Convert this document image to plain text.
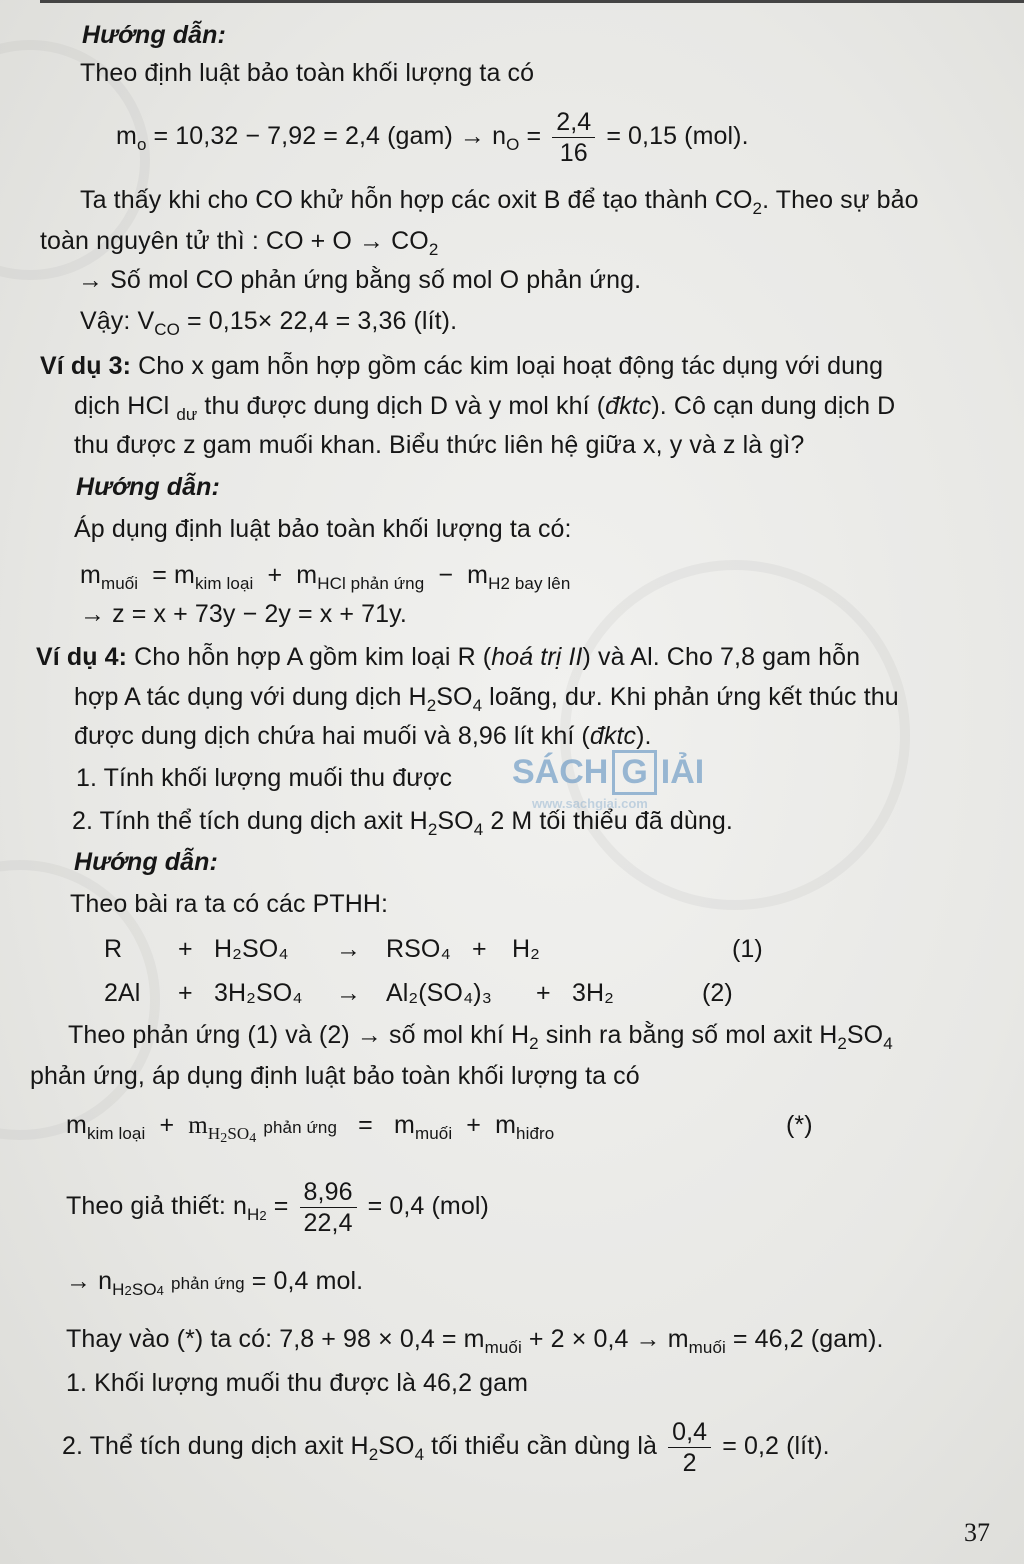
Hướng dẫn:
Theo định luật bảo toàn khối lượng ta có
$m_o = 10,32 - 7,92 = 2,4$ $(gam) \to n_O = \frac{2,4}{16} = 0,15$ (mol).
Ta thấy khi cho CO khử hỗn hợp các oxit B để tạo thành $CO_2$. Theo sự bảo
toàn nguyên tử thì : CO + $O \to CO_2$
→ Số mol CO phản ứng bằng số mol O phản ứng.
Vậy: $V_{CO} = 0,15\times 22,4 = 3,36$ (lít).
Ví dụ 3: Cho x gam hỗn hợp gồm các kim loại hoạt động tác dụng với dung
dịch HCl $_{dư}$ thu được dung dịch D và y mol khí (đktc). Cô cạn dung dịch D
thu được z gam muối khan. Biểu thức liên hệ giữa x, y và z là gì?
Hướng dẫn:
Áp dụng định luật bảo toàn khối lượng ta có:
$m_{muối} = m_{kim loại} + m_{HCl phản ứng} - m_{H2 bay lên}$
→ z = x + 73y − 2y = x + 71y.
Ví dụ 4: Cho hỗn hợp A gồm kim loại R (hoá trị II) và Al. Cho 7,8 gam hỗn
hợp A tác dụng với dung dịch $H_2SO_4$ loãng, dư. Khi phản ứng kết thúc thu
được dung dịch chứa hai muối và 8,96 lít khí (đktc).
SÁCH G IẢI
www.sachgiai.com
1. Tính khối lượng muối thu được
2. Tính thể tích dung dịch axit $H_2SO_4$ 2 M tối thiểu đã dùng.
Hướng dẫn:
Theo bài ra ta có các PTHH:
R + H₂SO₄ → RSO₄ + H₂	(1)
2Al + 3H₂SO₄ → Al₂(SO₄)₃ + 3H₂	(2)
Theo phản ứng (1) và (2) → số mol khí $H_2$ sinh ra bằng số mol axit $H_2SO_4$
phản ứng, áp dụng định luật bảo toàn khối lượng ta có
$m_{kim loại} + m_{H_2SO_4}$ phản ứng   =   $m_{muối} + m_{hiđro}$	(*)
Theo giả thiết: $n_{H2} = \frac{8,96}{22,4} = 0,4$ (mol)
→ $n_{H2SO4}$ phản ứng = 0,4 mol.
Thay vào (*) ta có: $7,8 + 98 \times 0,4 = m_{muối} + 2 \times 0,4 \to m_{muối} = 46,2$ (gam).
1. Khối lượng muối thu được là 46,2 gam
2. Thể tích dung dịch axit $H_2SO_4$ tối thiểu cần dùng là $\frac{0,4}{2} = 0,2$ (lít).
37
